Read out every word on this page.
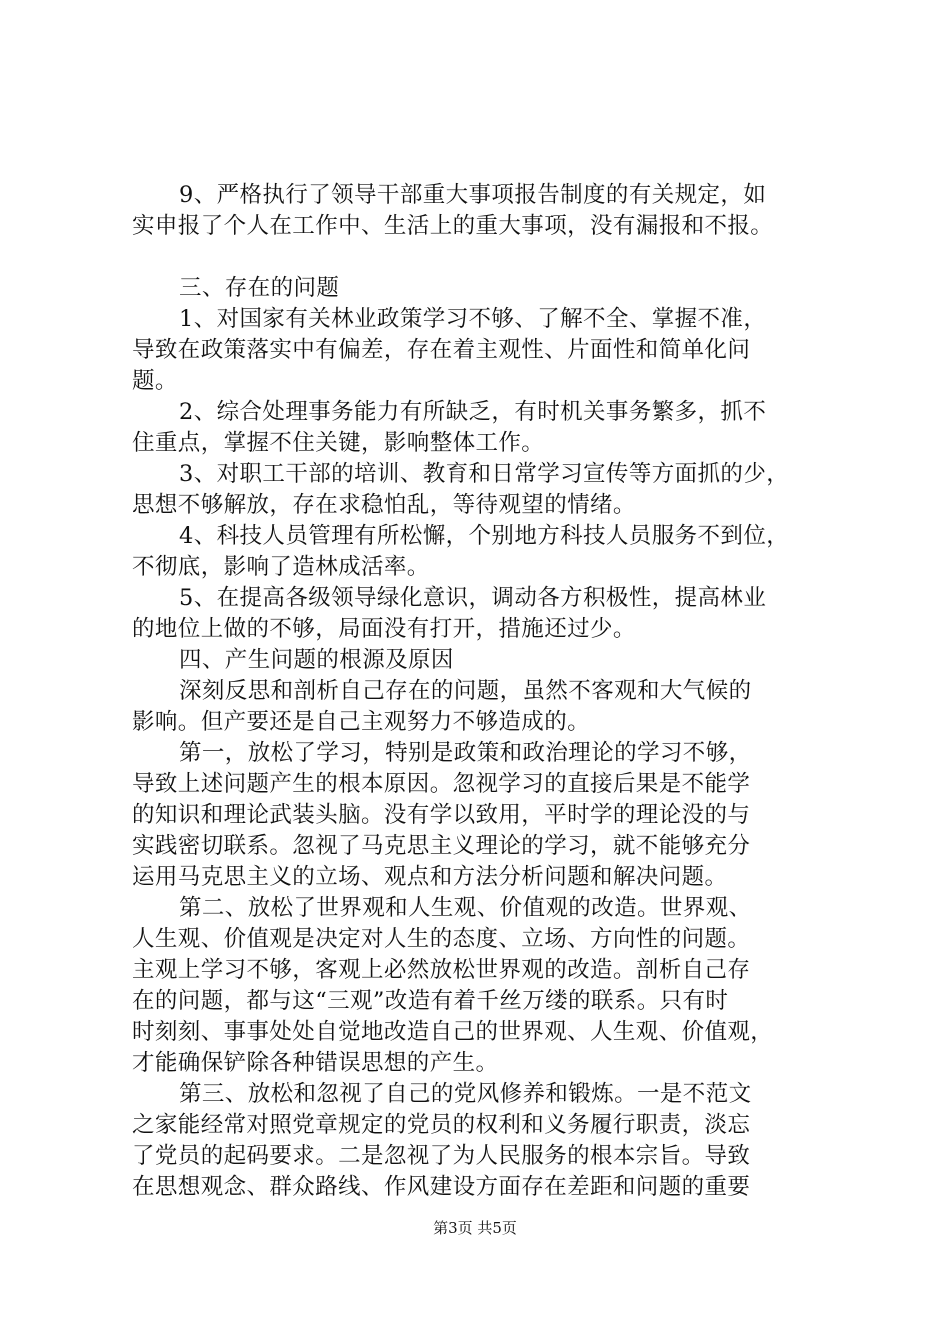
9、严格执行了领导干部重大事项报告制度的有关规定，如
实申报了个人在工作中、生活上的重大事项，没有漏报和不报。
三、存在的问题
1、对国家有关林业政策学习不够、了解不全、掌握不准，
导致在政策落实中有偏差，存在着主观性、片面性和简单化问
题。
2、综合处理事务能力有所缺乏，有时机关事务繁多，抓不
住重点，掌握不住关键，影响整体工作。
3、对职工干部的培训、教育和日常学习宣传等方面抓的少，
思想不够解放，存在求稳怕乱，等待观望的情绪。
4、科技人员管理有所松懈，个别地方科技人员服务不到位，
不彻底，影响了造林成活率。
5、在提高各级领导绿化意识，调动各方积极性，提高林业
的地位上做的不够，局面没有打开，措施还过少。
四、产生问题的根源及原因
深刻反思和剖析自己存在的问题，虽然不客观和大气候的
影响。但产要还是自己主观努力不够造成的。
第一，放松了学习，特别是政策和政治理论的学习不够，
导致上述问题产生的根本原因。忽视学习的直接后果是不能学
的知识和理论武装头脑。没有学以致用，平时学的理论没的与
实践密切联系。忽视了马克思主义理论的学习，就不能够充分
运用马克思主义的立场、观点和方法分析问题和解决问题。
第二、放松了世界观和人生观、价值观的改造。世界观、
人生观、价值观是决定对人生的态度、立场、方向性的问题。
主观上学习不够，客观上必然放松世界观的改造。剖析自己存
在的问题，都与这“三观”改造有着千丝万缕的联系。只有时
时刻刻、事事处处自觉地改造自己的世界观、人生观、价值观，
才能确保铲除各种错误思想的产生。
第三、放松和忽视了自己的党风修养和锻炼。一是不范文
之家能经常对照党章规定的党员的权利和义务履行职责，淡忘
了党员的起码要求。二是忽视了为人民服务的根本宗旨。导致
在思想观念、群众路线、作风建设方面存在差距和问题的重要
第3页 共5页
